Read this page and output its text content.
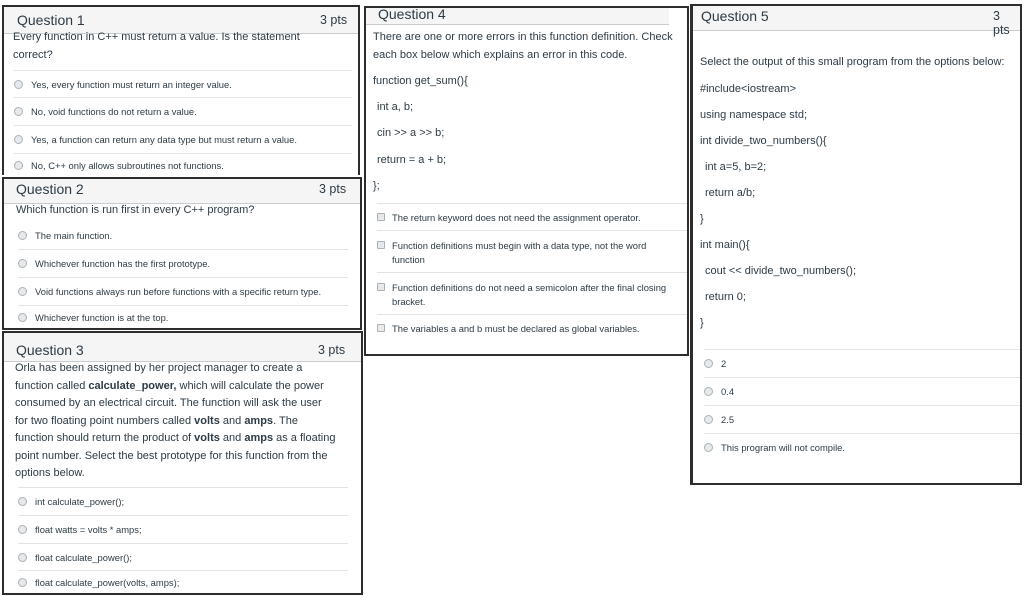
Question 1	3 pts
Every function in C++ must return a value. Is the statement
correct?
Yes, every function must return an integer value.
No, void functions do not return a value.
Yes, a function can return any data type but must return a value.
No, C++ only allows subroutines not functions.
Question 2	3 pts
Which function is run first in every C++ program?
The main function.
Whichever function has the first prototype.
Void functions always run before functions with a specific return type.
Whichever function is at the top.
Question 3	3 pts
Orla has been assigned by her project manager to create a
function called calculate_power, which will calculate the power
consumed by an electrical circuit. The function will ask the user
for two floating point numbers called volts and amps. The
function should return the product of volts and amps as a floating
point number. Select the best prototype for this function from the
options below.
int calculate_power();
float watts = volts * amps;
float calculate_power();
float calculate_power(volts, amps);
Question 4
There are one or more errors in this function definition. Check
each box below which explains an error in this code.
function get_sum(){
int a, b;
cin >> a >> b;
return = a + b;
};
The return keyword does not need the assignment operator.
Function definitions must begin with a data type, not the word
function
Function definitions do not need a semicolon after the final closing
bracket.
The variables a and b must be declared as global variables.
Question 5	3 pts
Select the output of this small program from the options below:
#include<iostream>
using namespace std;
int divide_two_numbers(){
int a=5, b=2;
return a/b;
}
int main(){
cout << divide_two_numbers();
return 0;
}
2
0.4
2.5
This program will not compile.
